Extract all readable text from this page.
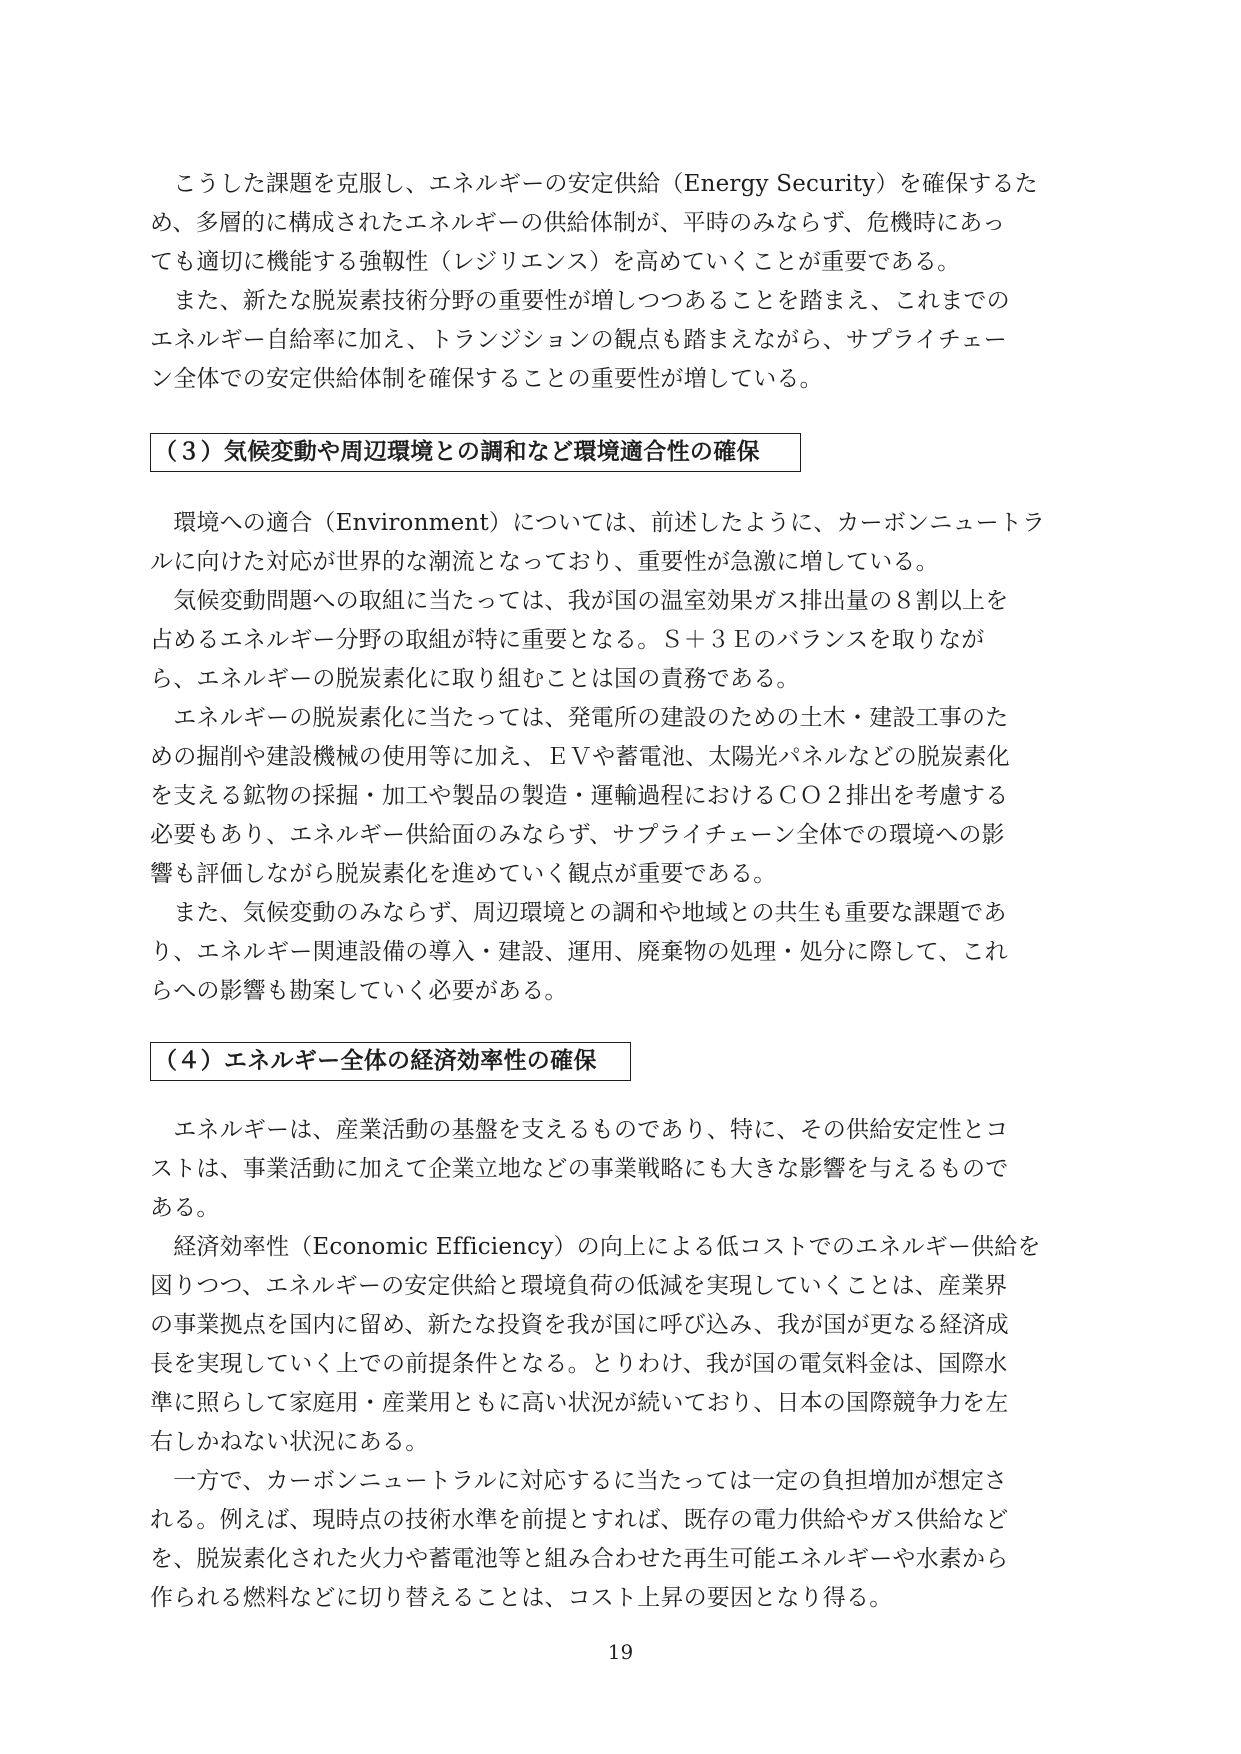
　こうした課題を克服し、エネルギーの安定供給（Energy Security）を確保するた
め、多層的に構成されたエネルギーの供給体制が、平時のみならず、危機時にあっ
ても適切に機能する強靱性（レジリエンス）を高めていくことが重要である。

　また、新たな脱炭素技術分野の重要性が増しつつあることを踏まえ、これまでの
エネルギー自給率に加え、トランジションの観点も踏まえながら、サプライチェー
ン全体での安定供給体制を確保することの重要性が増している。

（３）気候変動や周辺環境との調和など環境適合性の確保

　環境への適合（Environment）については、前述したように、カーボンニュートラ
ルに向けた対応が世界的な潮流となっており、重要性が急激に増している。

　気候変動問題への取組に当たっては、我が国の温室効果ガス排出量の８割以上を
占めるエネルギー分野の取組が特に重要となる。Ｓ＋３Ｅのバランスを取りなが
ら、エネルギーの脱炭素化に取り組むことは国の責務である。

　エネルギーの脱炭素化に当たっては、発電所の建設のための土木・建設工事のた
めの掘削や建設機械の使用等に加え、ＥＶや蓄電池、太陽光パネルなどの脱炭素化
を支える鉱物の採掘・加工や製品の製造・運輸過程におけるＣＯ２排出を考慮する
必要もあり、エネルギー供給面のみならず、サプライチェーン全体での環境への影
響も評価しながら脱炭素化を進めていく観点が重要である。

　また、気候変動のみならず、周辺環境との調和や地域との共生も重要な課題であ
り、エネルギー関連設備の導入・建設、運用、廃棄物の処理・処分に際して、これ
らへの影響も勘案していく必要がある。

（４）エネルギー全体の経済効率性の確保

　エネルギーは、産業活動の基盤を支えるものであり、特に、その供給安定性とコ
ストは、事業活動に加えて企業立地などの事業戦略にも大きな影響を与えるもので
ある。

　経済効率性（Economic Efficiency）の向上による低コストでのエネルギー供給を
図りつつ、エネルギーの安定供給と環境負荷の低減を実現していくことは、産業界
の事業拠点を国内に留め、新たな投資を我が国に呼び込み、我が国が更なる経済成
長を実現していく上での前提条件となる。とりわけ、我が国の電気料金は、国際水
準に照らして家庭用・産業用ともに高い状況が続いており、日本の国際競争力を左
右しかねない状況にある。

　一方で、カーボンニュートラルに対応するに当たっては一定の負担増加が想定さ
れる。例えば、現時点の技術水準を前提とすれば、既存の電力供給やガス供給など
を、脱炭素化された火力や蓄電池等と組み合わせた再生可能エネルギーや水素から
作られる燃料などに切り替えることは、コスト上昇の要因となり得る。

19
